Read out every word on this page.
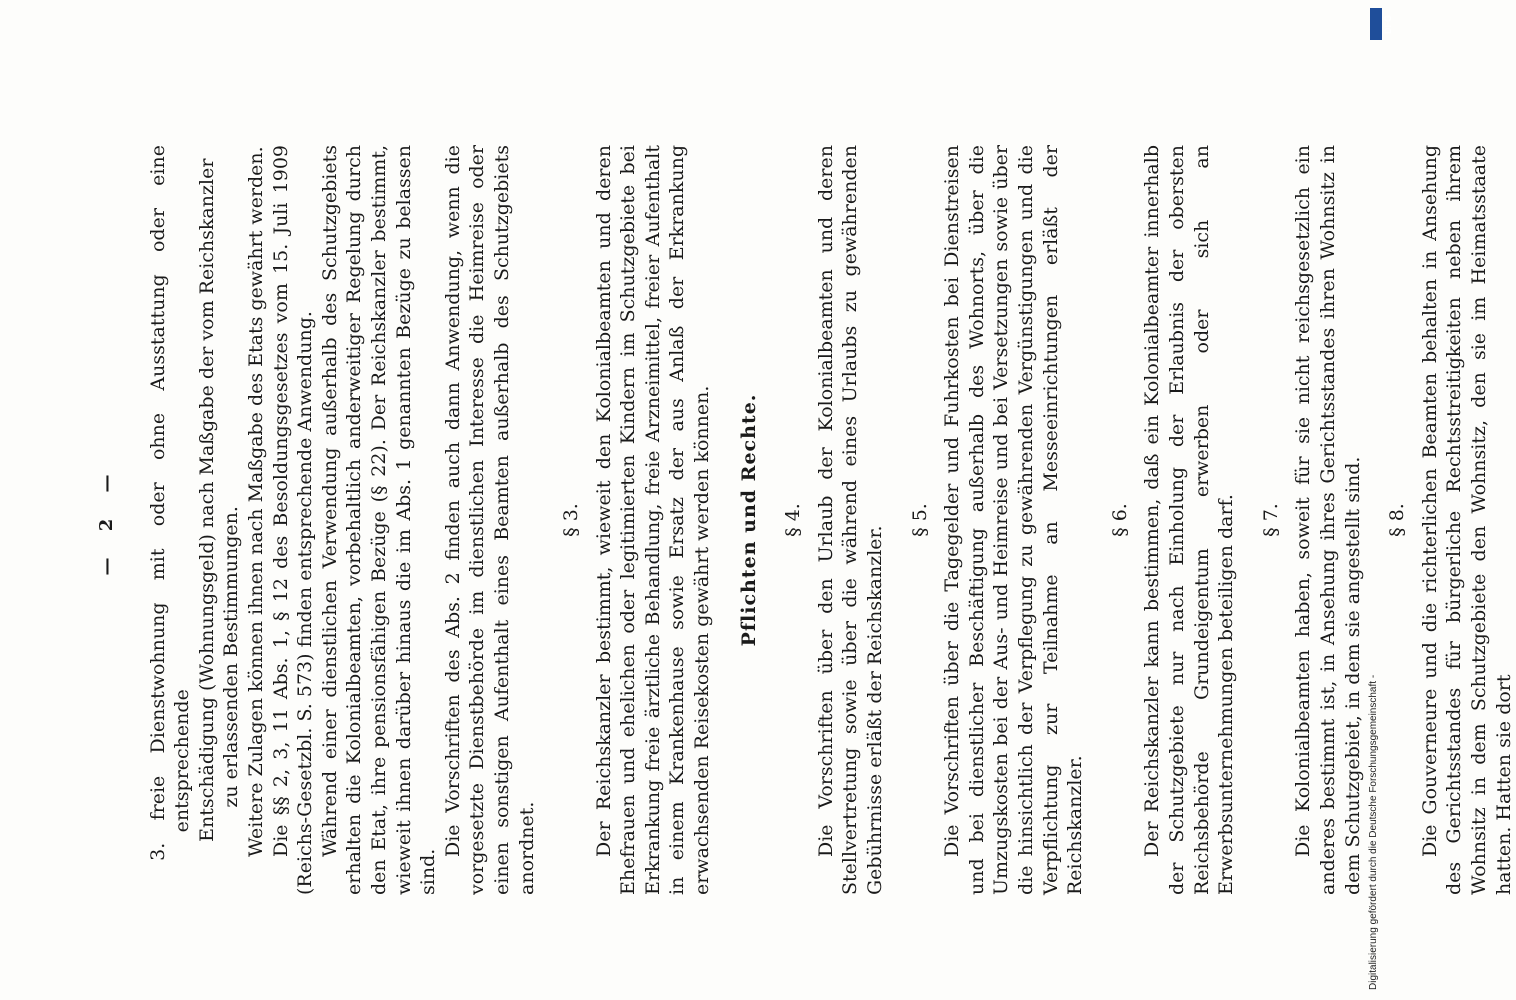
— 2 — 3. freie Dienstwohnung mit oder ohne Ausstattung oder eine entsprechende Entschädigung (Wohnungsgeld) nach Maßgabe der vom Reichskanzler zu erlassenden Bestimmungen. Weitere Zulagen können ihnen nach Maßgabe des Etats gewährt werden. Die §§ 2, 3, 11 Abs. 1, § 12 des Besoldungsgesetzes vom 15. Juli 1909 (Reichs-Gesetzbl. S. 573) finden entsprechende Anwendung. Während einer dienstlichen Verwendung außerhalb des Schutzgebiets erhalten die Kolonialbeamten, vorbehaltlich anderweitiger Regelung durch den Etat, ihre pensionsfähigen Bezüge (§ 22). Der Reichskanzler bestimmt, wieweit ihnen darüber hinaus die im Abs. 1 genannten Bezüge zu belassen sind.

Die Vorschriften des Abs. 2 finden auch dann Anwendung, wenn die vorgesetzte Dienstbehörde im dienstlichen Interesse die Heimreise oder einen sonstigen Aufenthalt eines Beamten außerhalb des Schutzgebiets anordnet.

§ 3. Der Reichskanzler bestimmt, wieweit den Kolonialbeamten und deren Ehefrauen und ehelichen oder legitimierten Kindern im Schutzgebiete bei Erkrankung freie ärztliche Behandlung, freie Arzneimittel, freier Aufenthalt in einem Krankenhause sowie Ersatz der aus Anlaß der Erkrankung erwachsenden Reisekosten gewährt werden können. Pflichten und Rechte. § 4. Die Vorschriften über den Urlaub der Kolonialbeamten und deren Stellvertretung sowie über die während eines Urlaubs zu gewährenden Gebührnisse erläßt der Reichskanzler.

§ 5. Die Vorschriften über die Tagegelder und Fuhrkosten bei Dienstreisen und bei dienstlicher Beschäftigung außerhalb des Wohnorts, über die Umzugskosten bei der Aus- und Heimreise und bei Versetzungen sowie über die hinsichtlich der Verpflegung zu gewährenden Vergünstigungen und die Verpflichtung zur Teilnahme an Messeeinrichtungen erläßt der Reichskanzler.

§ 6. Der Reichskanzler kann bestimmen, daß ein Kolonialbeamter innerhalb der Schutzgebiete nur nach Einholung der Erlaubnis der obersten Reichsbehörde Grundeigentum erwerben oder sich an Erwerbsunternehmungen beteiligen darf. § 7. Die Kolonialbeamten haben, soweit für sie nicht reichsgesetzlich ein anderes bestimmt ist, in Ansehung ihres Gerichtsstandes ihren Wohnsitz in dem Schutzgebiet, in dem sie angestellt sind. § 8. Die Gouverneure und die richterlichen Beamten behalten in Ansehung des Gerichtsstandes für bürgerliche Rechtsstreitigkeiten neben ihrem Wohnsitz in dem Schutzgebiete den Wohnsitz, den sie im Heimatsstaate hatten. Hatten sie dort

Digitalisierung gefördert durch die Deutsche Forschungsgemeinschaft -
DFG
